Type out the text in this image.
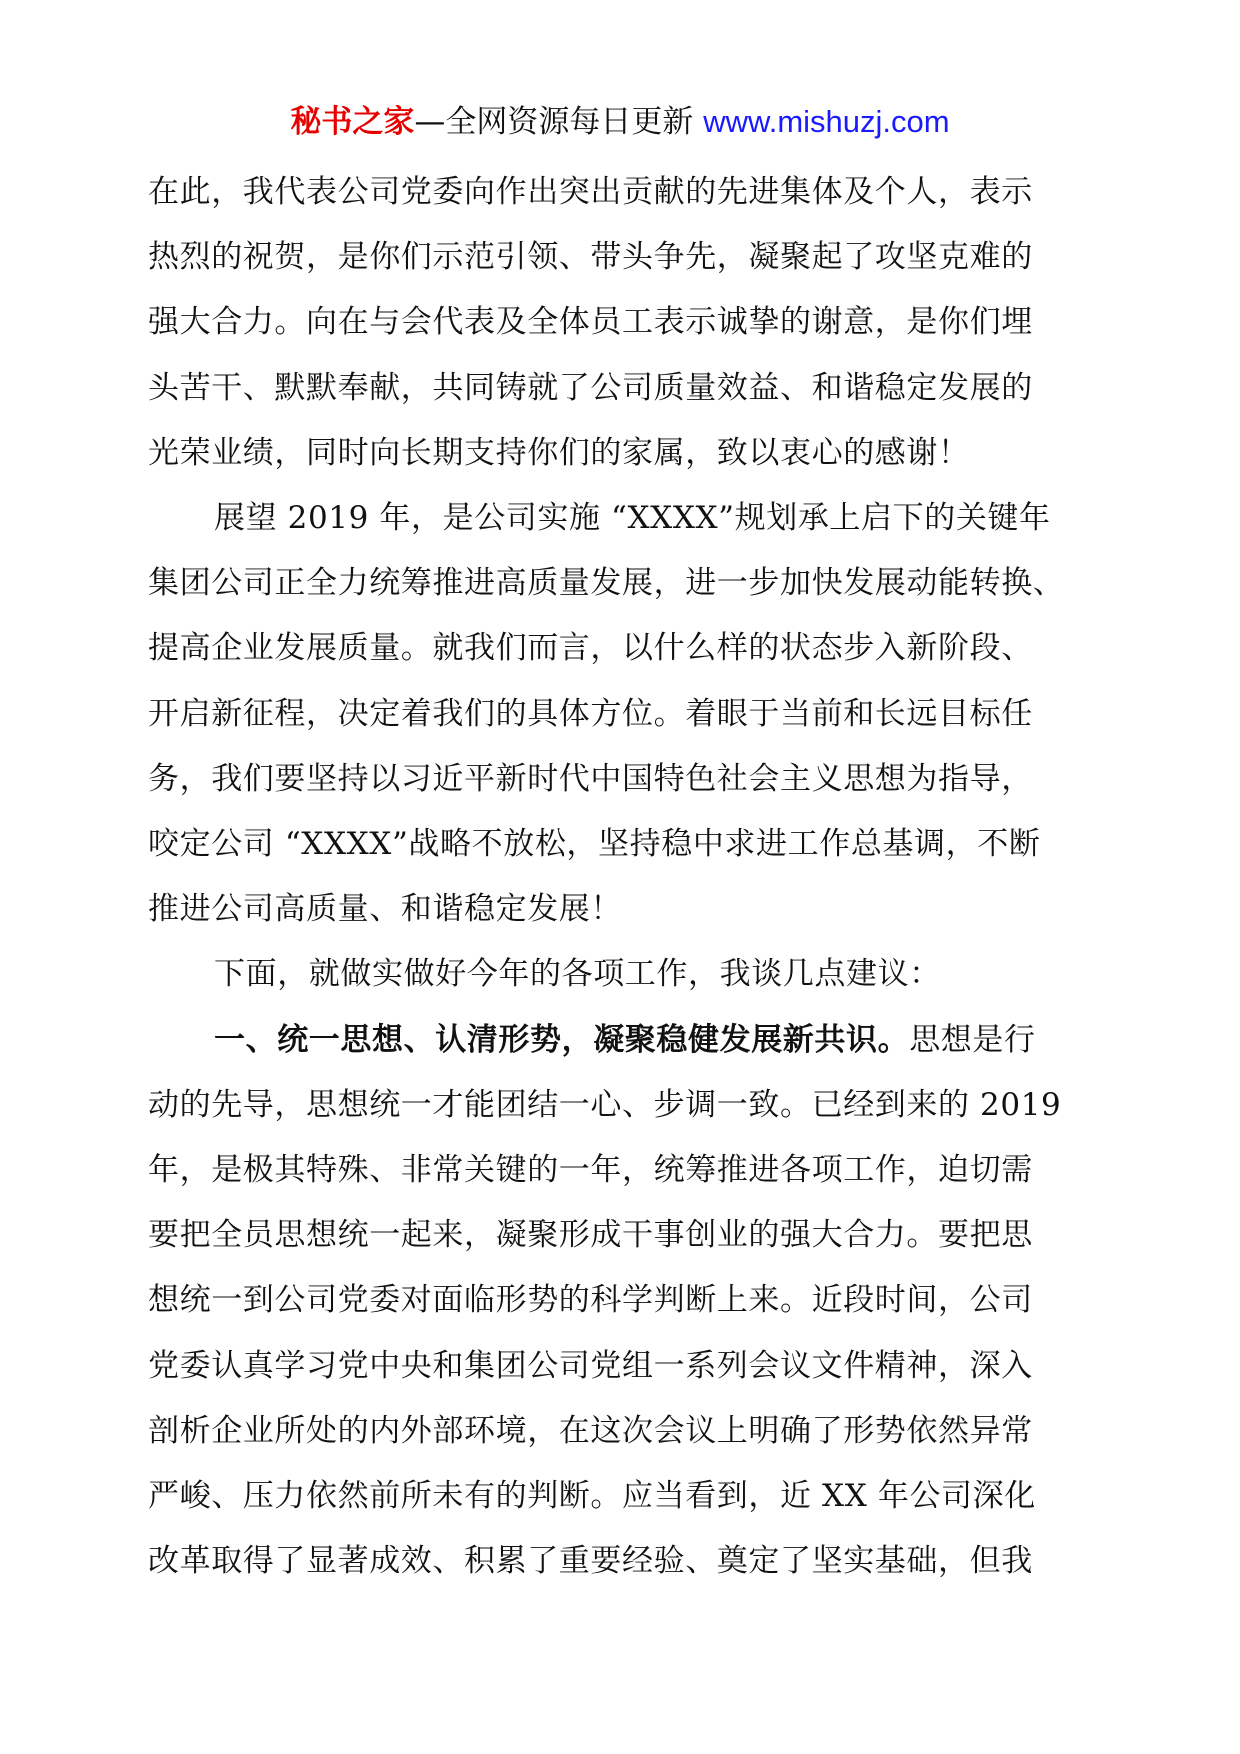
秘书之家—全网资源每日更新 www.mishuzj.com

在此，我代表公司党委向作出突出贡献的先进集体及个人，表示
热烈的祝贺，是你们示范引领、带头争先，凝聚起了攻坚克难的
强大合力。向在与会代表及全体员工表示诚挚的谢意，是你们埋
头苦干、默默奉献，共同铸就了公司质量效益、和谐稳定发展的
光荣业绩，同时向长期支持你们的家属，致以衷心的感谢！

展望 2019 年，是公司实施 “XXXX”规划承上启下的关键年
集团公司正全力统筹推进高质量发展，进一步加快发展动能转换、
提高企业发展质量。就我们而言，以什么样的状态步入新阶段、
开启新征程，决定着我们的具体方位。着眼于当前和长远目标任
务，我们要坚持以习近平新时代中国特色社会主义思想为指导，
咬定公司 “XXXX”战略不放松，坚持稳中求进工作总基调，不断
推进公司高质量、和谐稳定发展！

下面，就做实做好今年的各项工作，我谈几点建议：

一、统一思想、认清形势，凝聚稳健发展新共识。思想是行
动的先导，思想统一才能团结一心、步调一致。已经到来的 2019
年，是极其特殊、非常关键的一年，统筹推进各项工作，迫切需
要把全员思想统一起来，凝聚形成干事创业的强大合力。要把思
想统一到公司党委对面临形势的科学判断上来。近段时间，公司
党委认真学习党中央和集团公司党组一系列会议文件精神，深入
剖析企业所处的内外部环境，在这次会议上明确了形势依然异常
严峻、压力依然前所未有的判断。应当看到，近 XX 年公司深化
改革取得了显著成效、积累了重要经验、奠定了坚实基础，但我
